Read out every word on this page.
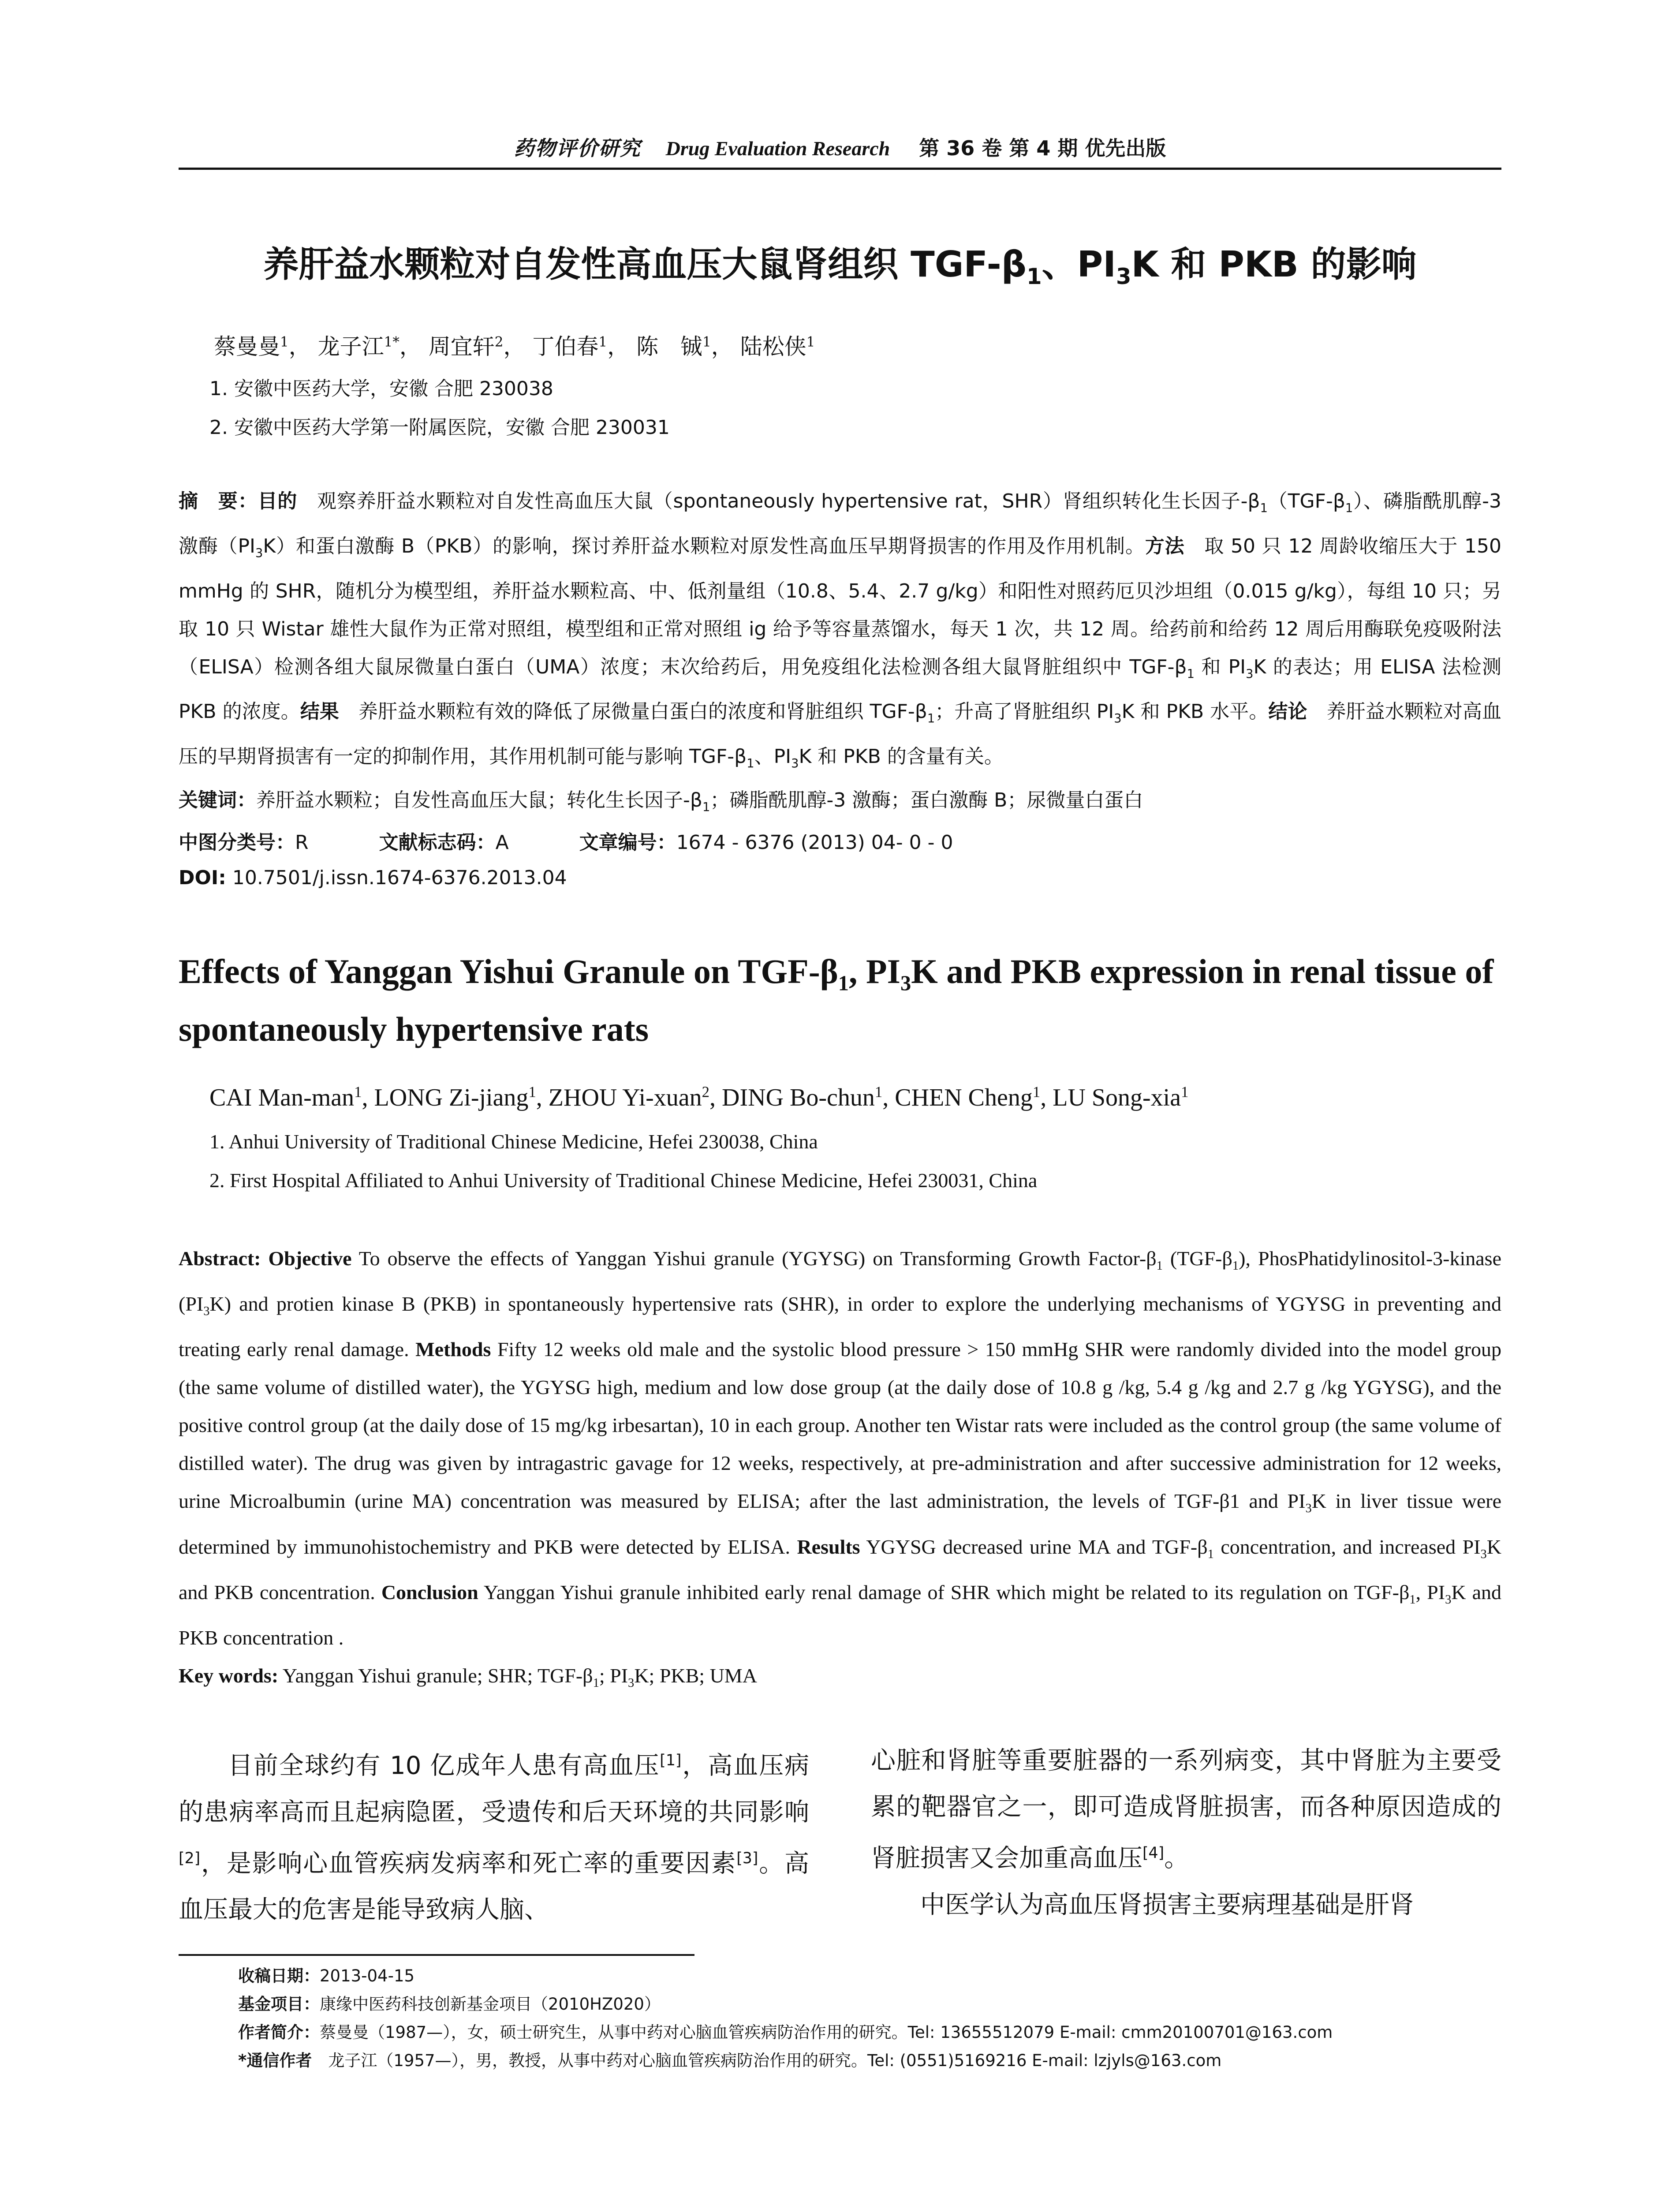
药物评价研究 Drug Evaluation Research 第 36 卷 第 4 期 优先出版
养肝益水颗粒对自发性高血压大鼠肾组织 TGF-$\beta_1$、$PI_3K$ 和 PKB 的影响
蔡曼曼$^1$， 龙子江$^{1*}$， 周宜轩$^2$， 丁伯春$^1$， 陈　铖$^1$， 陆松侠$^1$
1. 安徽中医药大学，安徽 合肥 230038
2. 安徽中医药大学第一附属医院，安徽 合肥 230031
摘　要：目的　观察养肝益水颗粒对自发性高血压大鼠（spontaneously hypertensive rat，SHR）肾组织转化生长因子$-\beta_1(TGF-\beta_1)$、磷脂酰肌醇-3 激酶$(PI_3K)$和蛋白激酶 B（PKB）的影响，探讨养肝益水颗粒对原发性高血压早期肾损害的作用及作用机制。方法　取 50 只 12 周龄收缩压大于 150 mmHg 的 SHR，随机分为模型组，养肝益水颗粒高、中、低剂量组（10.8、5.4、2.7 g/kg）和阳性对照药厄贝沙坦组（0.015 g/kg），每组 10 只；另取 10 只 Wistar 雄性大鼠作为正常对照组，模型组和正常对照组 ig 给予等容量蒸馏水，每天 1 次，共 12 周。给药前和给药 12 周后用酶联免疫吸附法（ELISA）检测各组大鼠尿微量白蛋白（UMA）浓度；末次给药后，用免疫组化法检测各组大鼠肾脏组织中 TGF-$\beta_1$ 和 $PI_3K$ 的表达；用 ELISA 法检测 PKB 的浓度。结果　养肝益水颗粒有效的降低了尿微量白蛋白的浓度和肾脏组织 TGF-$\beta_1$；升高了肾脏组织 $PI_3K$ 和 PKB 水平。结论　养肝益水颗粒对高血压的早期肾损害有一定的抑制作用，其作用机制可能与影响 TGF-$\beta_1$、$PI_3K$ 和 PKB 的含量有关。
关键词：养肝益水颗粒；自发性高血压大鼠；转化生长因子$-\beta_1$；磷脂酰肌醇-3 激酶；蛋白激酶 B；尿微量白蛋白
中图分类号：R	文献标志码：A	文章编号：1674 - 6376 (2013) 04- 0 - 0
DOI: 10.7501/j.issn.1674-6376.2013.04
Effects of Yanggan Yishui Granule on TGF-$\beta_1$, $PI_3K$ and PKB expression in renal tissue of spontaneously hypertensive rats
CAI Man-man$^1$, LONG Zi-jiang$^1$, ZHOU Yi-xuan$^2$, DING Bo-chun$^1$, CHEN Cheng$^1$, LU Song-xia$^1$
1. Anhui University of Traditional Chinese Medicine, Hefei 230038, China
2. First Hospital Affiliated to Anhui University of Traditional Chinese Medicine, Hefei 230031, China
Abstract: Objective To observe the effects of Yanggan Yishui granule (YGYSG) on Transforming Growth Factor-$\beta_1$ $(TGF-\beta_1)$, PhosPhatidylinositol-3-kinase $(PI_3K)$ and protien kinase B (PKB) in spontaneously hypertensive rats (SHR), in order to explore the underlying mechanisms of YGYSG in preventing and treating early renal damage. Methods Fifty 12 weeks old male and the systolic blood pressure > 150 mmHg SHR were randomly divided into the model group (the same volume of distilled water), the YGYSG high, medium and low dose group (at the daily dose of 10.8 g /kg, 5.4 g /kg and 2.7 g /kg YGYSG), and the positive control group (at the daily dose of 15 mg/kg irbesartan), 10 in each group. Another ten Wistar rats were included as the control group (the same volume of distilled water). The drug was given by intragastric gavage for 12 weeks, respectively, at pre-administration and after successive administration for 12 weeks, urine Microalbumin (urine MA) concentration was measured by ELISA; after the last administration, the levels of TGF-β1 and $PI_3K$ in liver tissue were determined by immunohistochemistry and PKB were detected by ELISA. Results YGYSG decreased urine MA and TGF-$\beta_1$ concentration, and increased $PI_3K$ and PKB concentration. Conclusion Yanggan Yishui granule inhibited early renal damage of SHR which might be related to its regulation on TGF-$\beta_1$, $PI_3K$ and PKB concentration .
Key words: Yanggan Yishui granule; SHR; TGF-$\beta_1$; $PI_3K$; PKB; UMA

目前全球约有 10 亿成年人患有高血压[1]，高血压病的患病率高而且起病隐匿，受遗传和后天环境的共同影响[2]，是影响心血管疾病发病率和死亡率的重要因素[3]。高血压最大的危害是能导致病人脑、

心脏和肾脏等重要脏器的一系列病变，其中肾脏为主要受累的靶器官之一，即可造成肾脏损害，而各种原因造成的肾脏损害又会加重高血压[4]。

中医学认为高血压肾损害主要病理基础是肝肾

收稿日期：2013-04-15
基金项目：康缘中医药科技创新基金项目（2010HZ020）
作者简介：蔡曼曼（1987—），女，硕士研究生，从事中药对心脑血管疾病防治作用的研究。Tel: 13655512079 E-mail: cmm20100701@163.com
*通信作者　龙子江（1957—），男，教授，从事中药对心脑血管疾病防治作用的研究。Tel: (0551)5169216 E-mail: lzjyls@163.com
